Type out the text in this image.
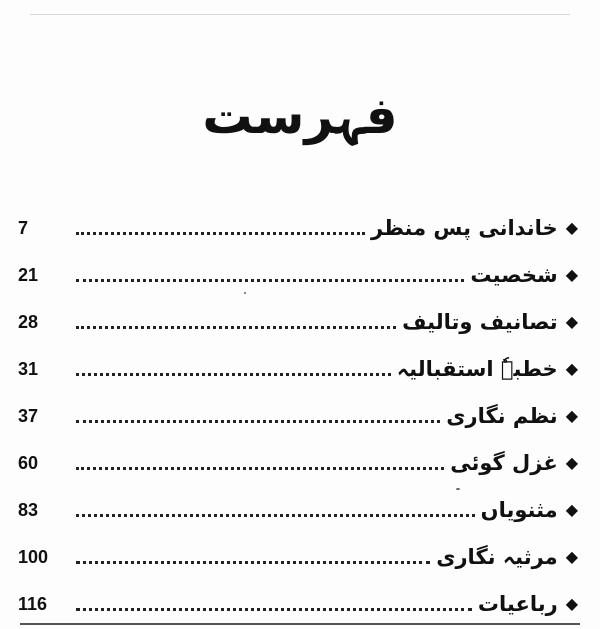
فہرست
◆
خاندانی پس منظر
7
◆
شخصیت
21
◆
تصانیف وتالیف
28
◆
خطبہٗ استقبالیہ
31
◆
نظم نگاری
37
◆
غزل گوئی
60
◆
مثنویاں
83
◆
مرثیہ نگاری
100
◆
رباعیات
116
